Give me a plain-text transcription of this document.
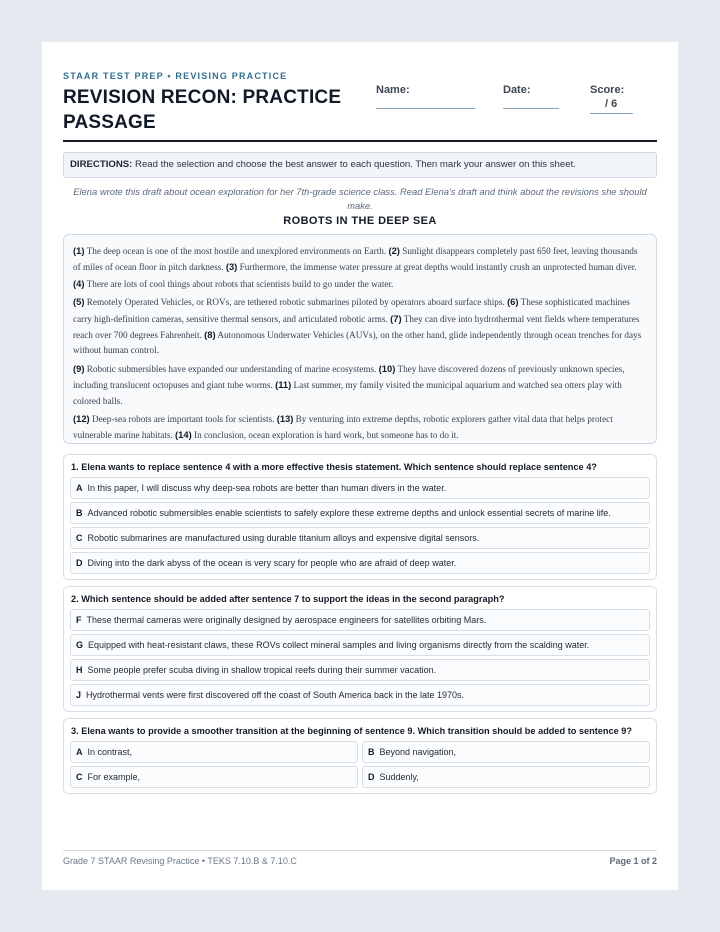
STAAR TEST PREP • REVISING PRACTICE
REVISION RECON: PRACTICE PASSAGE
Name:	Date:	Score:
/ 6
DIRECTIONS: Read the selection and choose the best answer to each question. Then mark your answer on this sheet.
Elena wrote this draft about ocean exploration for her 7th-grade science class. Read Elena's draft and think about the revisions she should make.
ROBOTS IN THE DEEP SEA

(1) The deep ocean is one of the most hostile and unexplored environments on Earth. (2) Sunlight disappears completely past 650 feet, leaving thousands of miles of ocean floor in pitch darkness. (3) Furthermore, the immense water pressure at great depths would instantly crush an unprotected human diver. (4) There are lots of cool things about robots that scientists build to go under the water.

(5) Remotely Operated Vehicles, or ROVs, are tethered robotic submarines piloted by operators aboard surface ships. (6) These sophisticated machines carry high-definition cameras, sensitive thermal sensors, and articulated robotic arms. (7) They can dive into hydrothermal vent fields where temperatures reach over 700 degrees Fahrenheit. (8) Autonomous Underwater Vehicles (AUVs), on the other hand, glide independently through ocean trenches for days without human control.

(9) Robotic submersibles have expanded our understanding of marine ecosystems. (10) They have discovered dozens of previously unknown species, including translucent octopuses and giant tube worms. (11) Last summer, my family visited the municipal aquarium and watched sea otters play with colored balls.

(12) Deep-sea robots are important tools for scientists. (13) By venturing into extreme depths, robotic explorers gather vital data that helps protect vulnerable marine habitats. (14) In conclusion, ocean exploration is hard work, but someone has to do it.

1. Elena wants to replace sentence 4 with a more effective thesis statement. Which sentence should replace sentence 4?
A In this paper, I will discuss why deep-sea robots are better than human divers in the water.
B Advanced robotic submersibles enable scientists to safely explore these extreme depths and unlock essential secrets of marine life.
C Robotic submarines are manufactured using durable titanium alloys and expensive digital sensors.
D Diving into the dark abyss of the ocean is very scary for people who are afraid of deep water.
2. Which sentence should be added after sentence 7 to support the ideas in the second paragraph?
F These thermal cameras were originally designed by aerospace engineers for satellites orbiting Mars.
G Equipped with heat-resistant claws, these ROVs collect mineral samples and living organisms directly from the scalding water.
H Some people prefer scuba diving in shallow tropical reefs during their summer vacation.
J Hydrothermal vents were first discovered off the coast of South America back in the late 1970s.
3. Elena wants to provide a smoother transition at the beginning of sentence 9. Which transition should be added to sentence 9?
A In contrast,	B Beyond navigation,
C For example,	D Suddenly,
Grade 7 STAAR Revising Practice • TEKS 7.10.B & 7.10.C	Page 1 of 2
